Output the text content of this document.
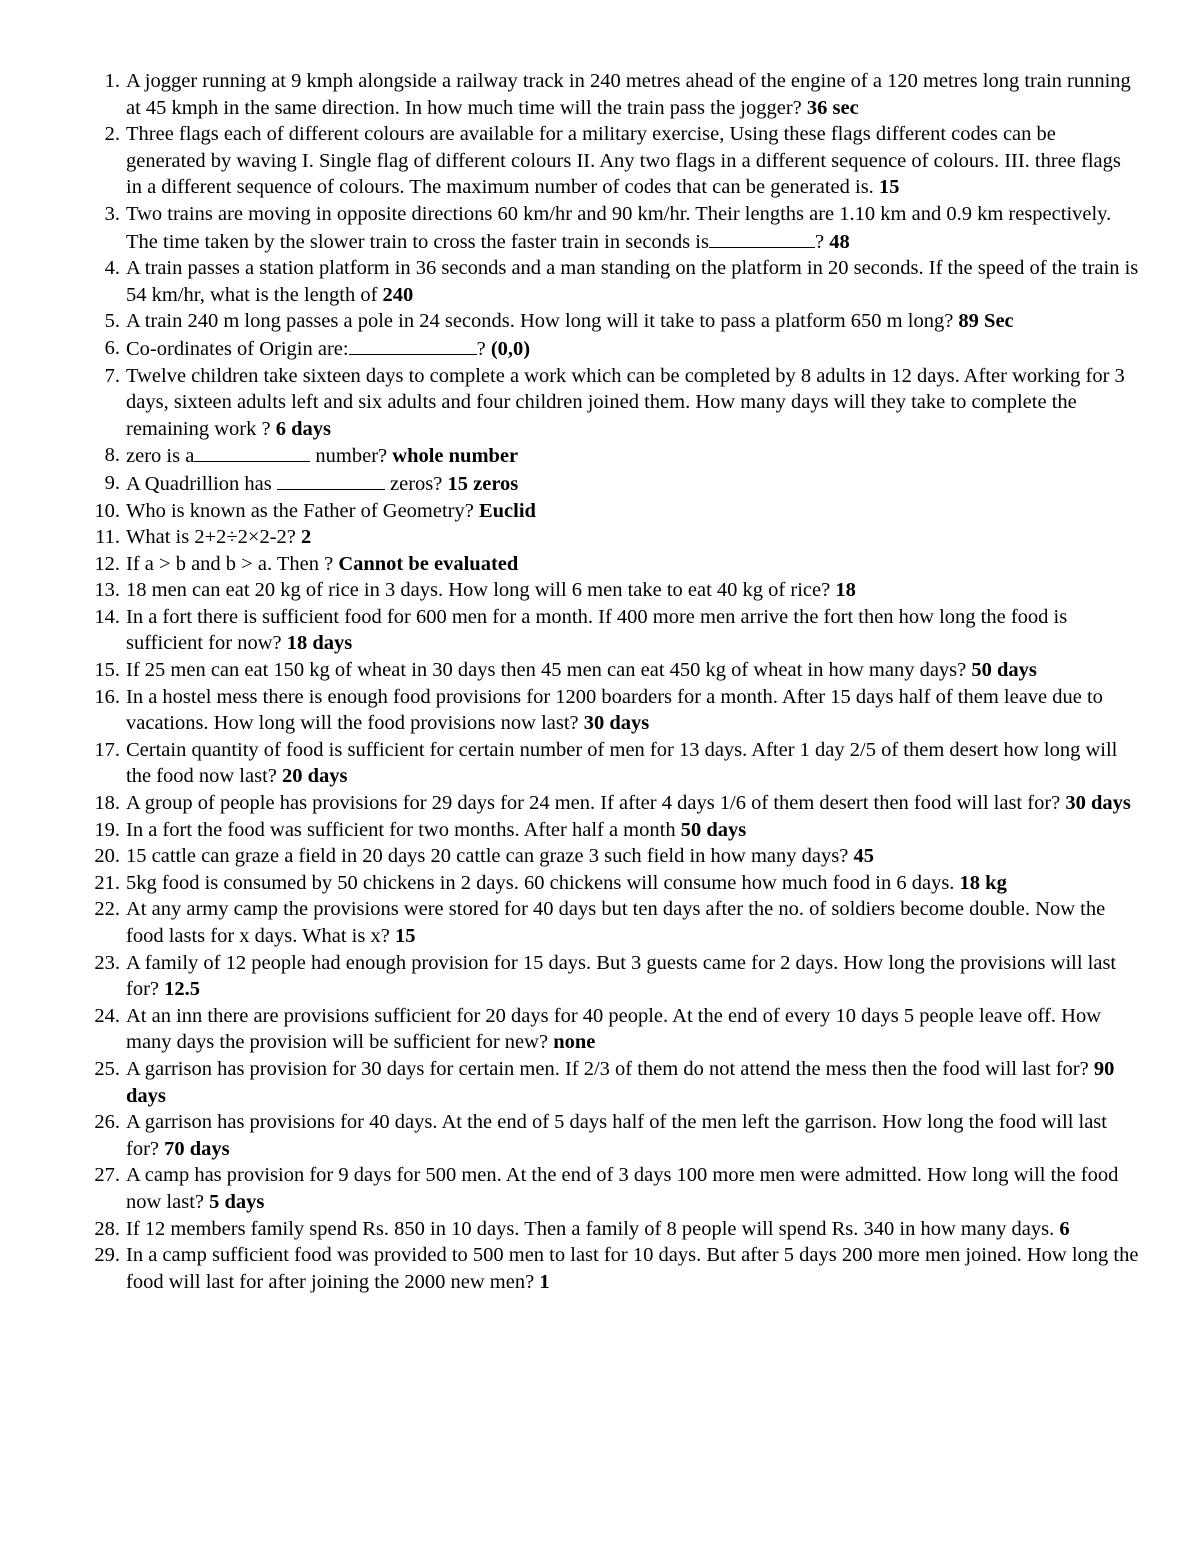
1. A jogger running at 9 kmph alongside a railway track in 240 metres ahead of the engine of a 120 metres long train running at 45 kmph in the same direction. In how much time will the train pass the jogger? 36 sec
2. Three flags each of different colours are available for a military exercise, Using these flags different codes can be generated by waving I. Single flag of different colours II. Any two flags in a different sequence of colours. III. three flags in a different sequence of colours. The maximum number of codes that can be generated is. 15
3. Two trains are moving in opposite directions 60 km/hr and 90 km/hr. Their lengths are 1.10 km and 0.9 km respectively. The time taken by the slower train to cross the faster train in seconds is	? 48
4. A train passes a station platform in 36 seconds and a man standing on the platform in 20 seconds. If the speed of the train is 54 km/hr, what is the length of 240
5. A train 240 m long passes a pole in 24 seconds. How long will it take to pass a platform 650 m long? 89 Sec
6. Co-ordinates of Origin are:	? (0,0)
7. Twelve children take sixteen days to complete a work which can be completed by 8 adults in 12 days. After working for 3 days, sixteen adults left and six adults and four children joined them. How many days will they take to complete the remaining work ? 6 days
8. zero is a	number? whole number
9. A Quadrillion has	zeros? 15 zeros
10. Who is known as the Father of Geometry? Euclid
11. What is 2+2÷2×2-2? 2
12. If a > b and b > a. Then ? Cannot be evaluated
13. 18 men can eat 20 kg of rice in 3 days. How long will 6 men take to eat 40 kg of rice? 18
14. In a fort there is sufficient food for 600 men for a month. If 400 more men arrive the fort then how long the food is sufficient for now? 18 days
15. If 25 men can eat 150 kg of wheat in 30 days then 45 men can eat 450 kg of wheat in how many days? 50 days
16. In a hostel mess there is enough food provisions for 1200 boarders for a month. After 15 days half of them leave due to vacations. How long will the food provisions now last? 30 days
17. Certain quantity of food is sufficient for certain number of men for 13 days. After 1 day 2/5 of them desert how long will the food now last? 20 days
18. A group of people has provisions for 29 days for 24 men. If after 4 days 1/6 of them desert then food will last for? 30 days
19. In a fort the food was sufficient for two months. After half a month 50 days
20. 15 cattle can graze a field in 20 days 20 cattle can graze 3 such field in how many days? 45
21. 5kg food is consumed by 50 chickens in 2 days. 60 chickens will consume how much food in 6 days. 18 kg
22. At any army camp the provisions were stored for 40 days but ten days after the no. of soldiers become double. Now the food lasts for x days. What is x? 15
23. A family of 12 people had enough provision for 15 days. But 3 guests came for 2 days. How long the provisions will last for? 12.5
24. At an inn there are provisions sufficient for 20 days for 40 people. At the end of every 10 days 5 people leave off. How many days the provision will be sufficient for new? none
25. A garrison has provision for 30 days for certain men. If 2/3 of them do not attend the mess then the food will last for? 90 days
26. A garrison has provisions for 40 days. At the end of 5 days half of the men left the garrison. How long the food will last for? 70 days
27. A camp has provision for 9 days for 500 men. At the end of 3 days 100 more men were admitted. How long will the food now last? 5 days
28. If 12 members family spend Rs. 850 in 10 days. Then a family of 8 people will spend Rs. 340 in how many days. 6
29. In a camp sufficient food was provided to 500 men to last for 10 days. But after 5 days 200 more men joined. How long the food will last for after joining the 2000 new men? 1
